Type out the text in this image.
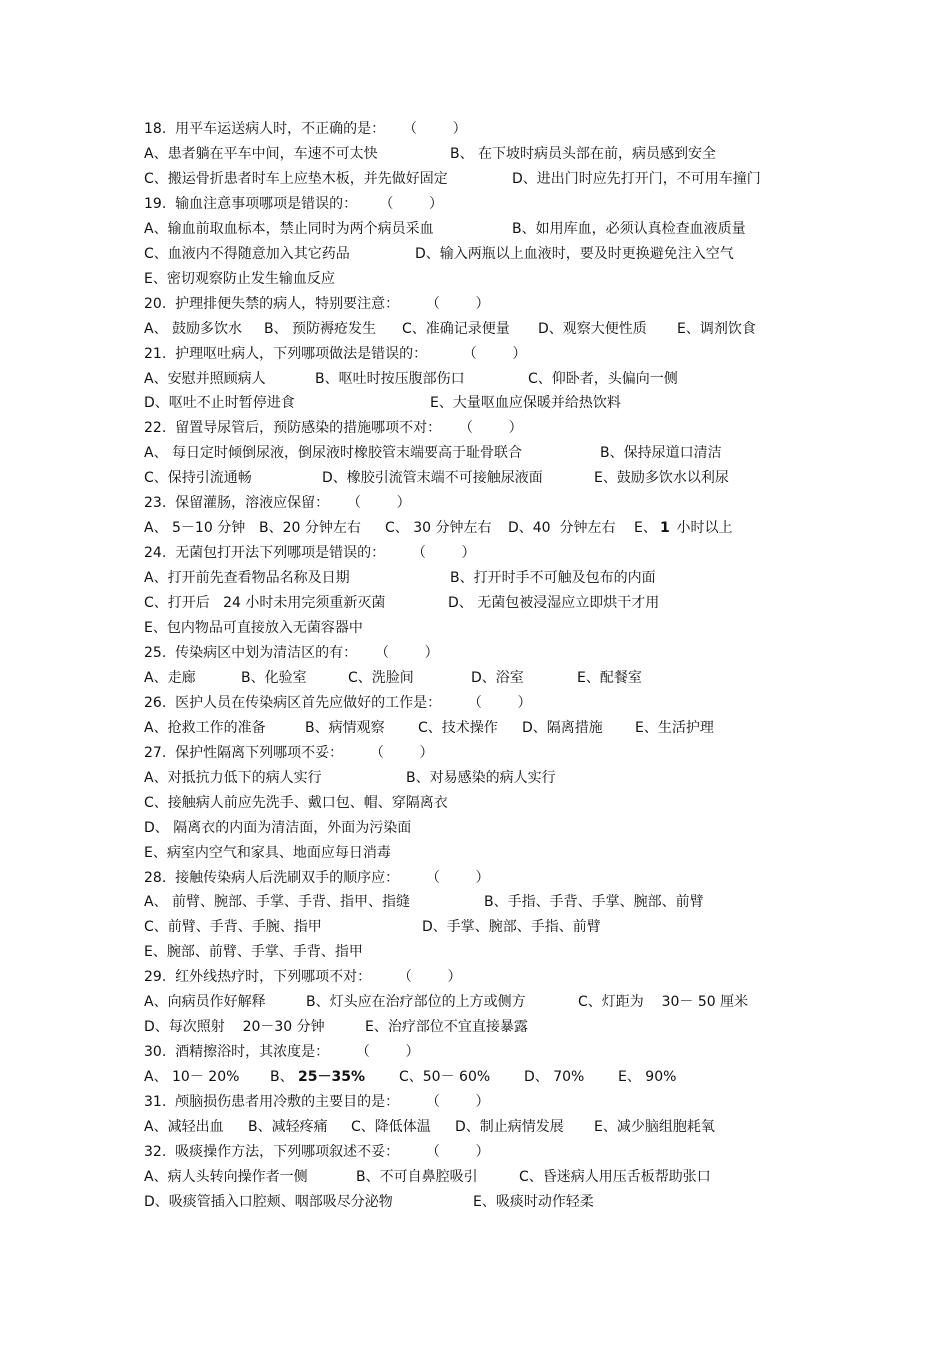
18.  用平车运送病人时，不正确的是：    （        ）
A、患者躺在平车中间，车速不可太快	B、 在下坡时病员头部在前，病员感到安全
C、搬运骨折患者时车上应垫木板，并先做好固定	D、进出门时应先打开门，不可用车撞门
19.  输血注意事项哪项是错误的：     （        ）
A、输血前取血标本，禁止同时为两个病员采血	B、如用库血，必须认真检查血液质量
C、血液内不得随意加入其它药品	D、输入两瓶以上血液时，要及时更换避免注入空气
E、密切观察防止发生输血反应
20.  护理排便失禁的病人，特别要注意：      （        ）
A、 鼓励多饮水 B、 预防褥疮发生 C、准确记录便量 D、观察大便性质 E、调剂饮食
21.  护理呕吐病人，下列哪项做法是错误的：        （        ）
A、安慰并照顾病人	B、呕吐时按压腹部伤口	C、仰卧者，头偏向一侧
D、呕吐不止时暂停进食	E、大量呕血应保暖并给热饮料
22.  留置导尿管后，预防感染的措施哪项不对：    （        ）
A、 每日定时倾倒尿液，倒尿液时橡胶管末端要高于耻骨联合	B、保持尿道口清洁
C、保持引流通畅	D、橡胶引流管末端不可接触尿液面	E、鼓励多饮水以利尿
23.  保留灌肠，溶液应保留：    （        ）
A、 5－10 分钟 B、20 分钟左右 C、 30 分钟左右 D、40  分钟左右 E、 1 小时以上
24.  无菌包打开法下列哪项是错误的：      （        ）
A、打开前先查看物品名称及日期	B、打开时手不可触及包布的内面
C、打开后   24 小时未用完须重新灭菌	D、 无菌包被浸湿应立即烘干才用
E、包内物品可直接放入无菌容器中
25.  传染病区中划为清洁区的有：    （        ）
A、走廊	B、化验室	C、洗脸间	D、浴室	E、配餐室
26.  医护人员在传染病区首先应做好的工作是：      （        ）
A、抢救工作的准备	B、病情观察 C、技术操作 D、隔离措施 E、生活护理
27.  保护性隔离下列哪项不妥：      （        ）
A、对抵抗力低下的病人实行	B、对易感染的病人实行
C、接触病人前应先洗手、戴口包、帽、穿隔离衣
D、 隔离衣的内面为清洁面，外面为污染面
E、病室内空气和家具、地面应每日消毒
28.  接触传染病人后洗刷双手的顺序应：      （        ）
A、 前臂、腕部、手掌、手背、指甲、指缝	B、手指、手背、手掌、腕部、前臂
C、前臂、手背、手腕、指甲	D、手掌、腕部、手指、前臂
E、腕部、前臂、手掌、手背、指甲
29.  红外线热疗时，下列哪项不对：      （        ）
A、向病员作好解释	B、灯头应在治疗部位的上方或侧方	C、灯距为    30－ 50 厘米
D、每次照射    20－30 分钟	E、治疗部位不宜直接暴露
30.  酒精擦浴时，其浓度是：      （        ）
A、 10－ 20% B、 25－35% C、50－ 60% D、 70% E、 90%
31.  颅脑损伤患者用冷敷的主要目的是：      （        ）
A、减轻出血 B、减轻疼痛 C、降低体温 D、制止病情发展 E、减少脑组胞耗氧
32.  吸痰操作方法，下列哪项叙述不妥：      （        ）
A、病人头转向操作者一侧	B、不可自鼻腔吸引	C、昏迷病人用压舌板帮助张口
D、吸痰管插入口腔颊、咽部吸尽分泌物	E、吸痰时动作轻柔
